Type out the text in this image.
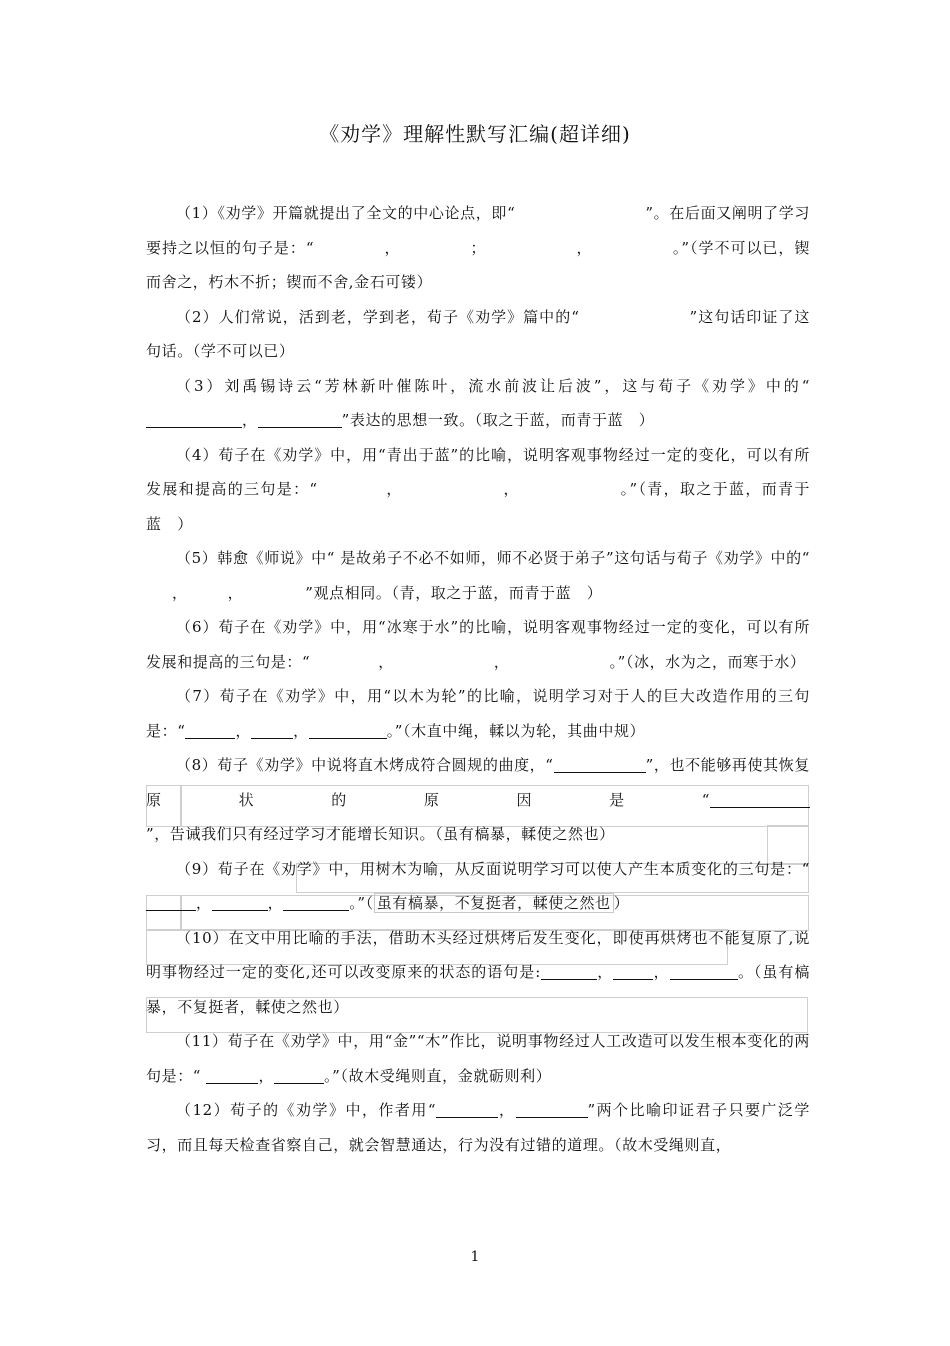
《劝学》理解性默写汇编(超详细)

（1）《劝学》开篇就提出了全文的中心论点，即“	”。在后面又阐明了学习要持之以恒的句子是：“	，	；	，	。”（学不可以已，锲而舍之，朽木不折；锲而不舍,金石可镂）

（2）人们常说，活到老，学到老，荀子《劝学》篇中的“	”这句话印证了这句话。（学不可以已）

（3）刘禹锡诗云“芳林新叶催陈叶，流水前波让后波”，这与荀子《劝学》中的“，	”表达的思想一致。（取之于蓝，而青于蓝　）

（4）荀子在《劝学》中，用“青出于蓝”的比喻，说明客观事物经过一定的变化，可以有所发展和提高的三句是：“	，	，	。”（青，取之于蓝，而青于蓝　）

（5）韩愈《师说》中“ 是故弟子不必不如师，师不必贤于弟子”这句话与荀子《劝学》中的“，	，	”观点相同。（青，取之于蓝，而青于蓝　）

（6）荀子在《劝学》中，用“冰寒于水”的比喻，说明客观事物经过一定的变化，可以有所发展和提高的三句是：“	，	，	。”（冰，水为之，而寒于水）

（7）荀子在《劝学》中，用“以木为轮”的比喻，说明学习对于人的巨大改造作用的三句是：“	，	，	。”（木直中绳，輮以为轮，其曲中规）

（8）荀子《劝学》中说将直木烤成符合圆规的曲度，“	”，也不能够再使其恢复原状的原因是“”，告诫我们只有经过学习才能增长知识。（虽有槁暴，輮使之然也）

（9）荀子在《劝学》中，用树木为喻，从反面说明学习可以使人产生本质变化的三句是：“ ，	，	。”（ 虽有槁暴，不复挺者，輮使之然也 ）

（10）在文中用比喻的手法，借助木头经过烘烤后发生变化，即使再烘烤也不能复原了,说明事物经过一定的变化,还可以改变原来的状态的语句是:	，	，	。（虽有槁暴，不复挺者，輮使之然也）

（11）荀子在《劝学》中，用“金”“木”作比，说明事物经过人工改造可以发生根本变化的两句是：“	，	。”（故木受绳则直，金就砺则利）

（12）荀子的《劝学》中，作者用“	，	”两个比喻印证君子只要广泛学习，而且每天检查省察自己，就会智慧通达，行为没有过错的道理。（故木受绳则直，

1
